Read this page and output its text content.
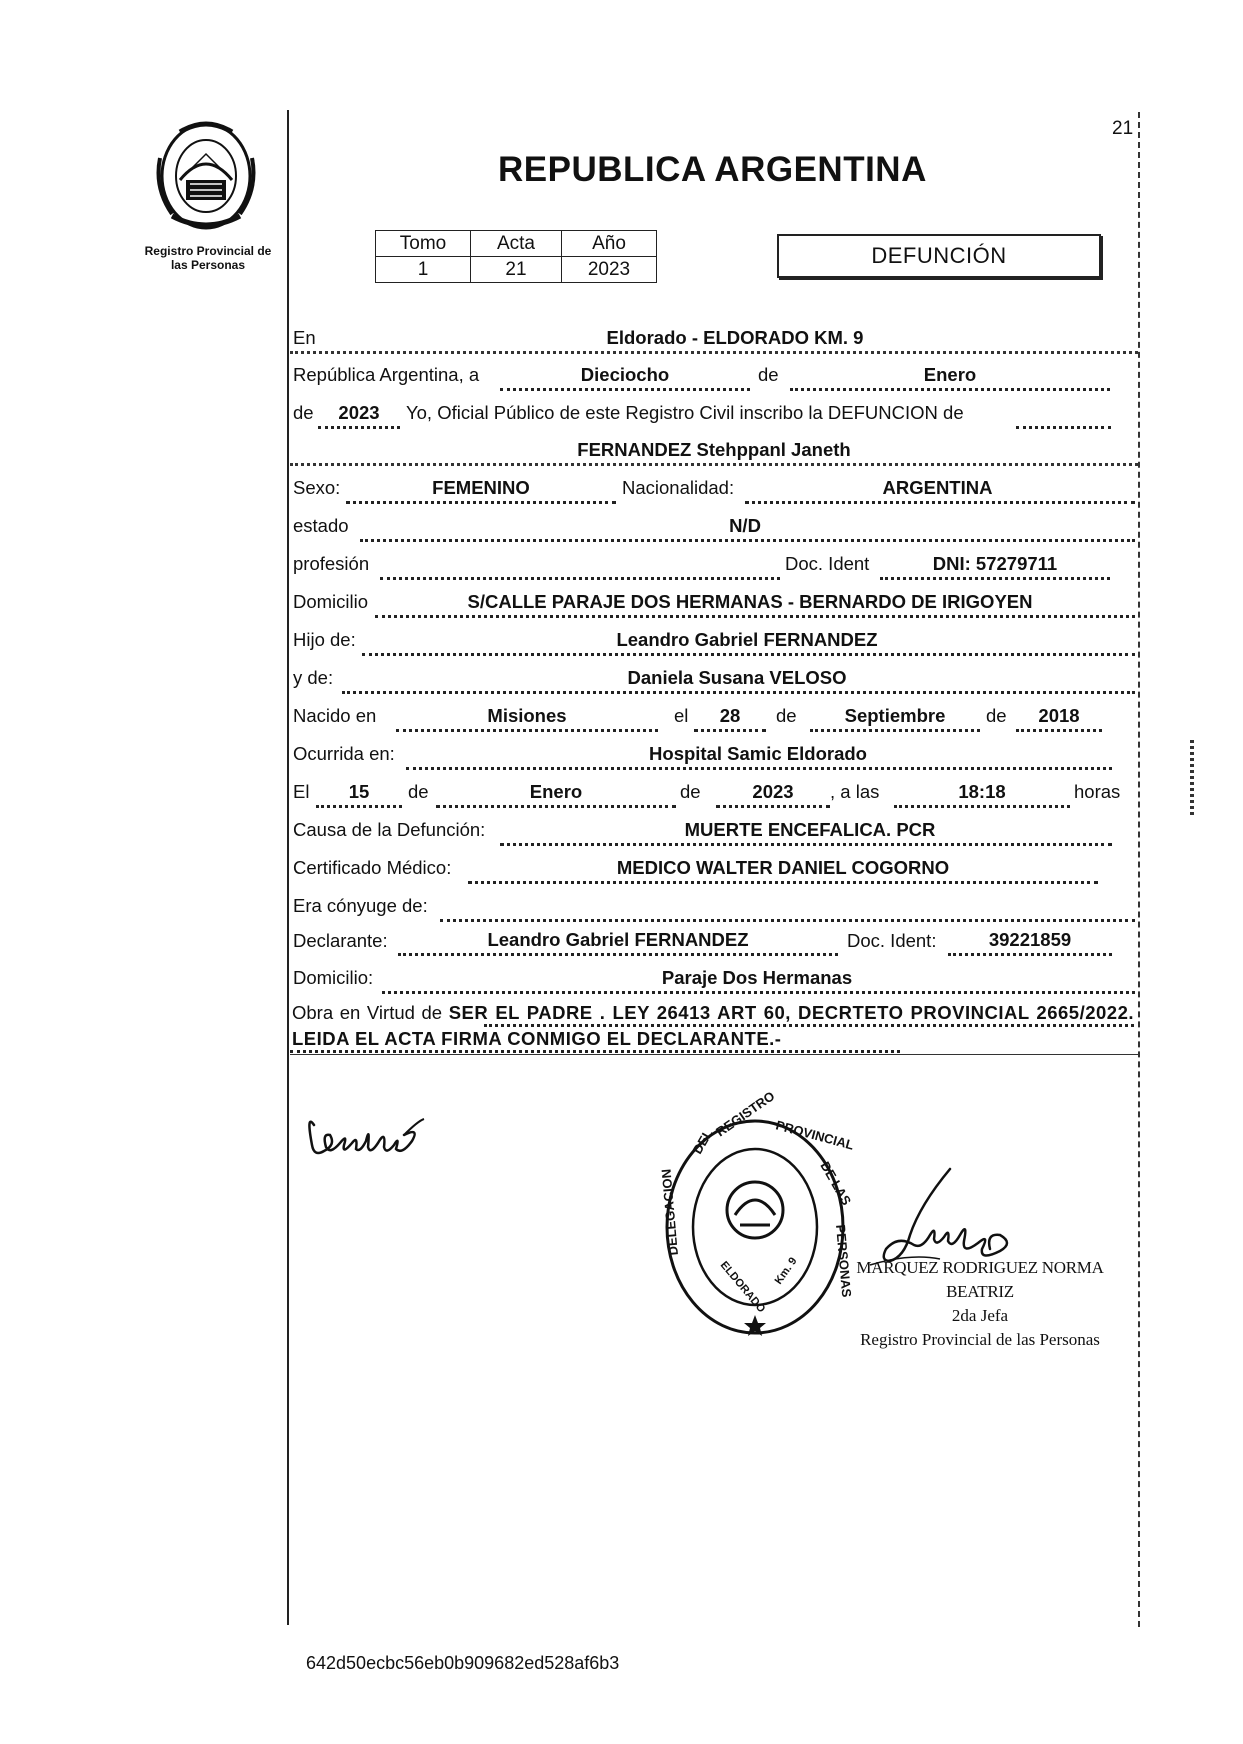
Registro Provincial de
las Personas
REPUBLICA ARGENTINA
21
Tomo	Acta	Año
1	21	2023
DEFUNCIÓN
En	Eldorado - ELDORADO KM. 9
República Argentina, a	Dieciocho	de	Enero
de	2023	Yo, Oficial Público de este Registro Civil inscribo la DEFUNCION de
FERNANDEZ Stehppanl Janeth
Sexo:	FEMENINO	Nacionalidad:	ARGENTINA
estado	N/D
profesión	Doc. Ident	DNI: 57279711
Domicilio	S/CALLE PARAJE DOS HERMANAS - BERNARDO DE IRIGOYEN
Hijo de:	Leandro Gabriel FERNANDEZ
y de:	Daniela Susana VELOSO
Nacido en	Misiones	el	28	de	Septiembre	de	2018
Ocurrida en:	Hospital Samic Eldorado
El	15	de	Enero	de	2023	, a las	18:18	horas
Causa de la Defunción:	MUERTE ENCEFALICA. PCR
Certificado Médico:	MEDICO WALTER DANIEL COGORNO
Era cónyuge de:
Declarante:	Leandro Gabriel FERNANDEZ	Doc. Ident:	39221859
Domicilio:	Paraje Dos Hermanas
Obra en Virtud de SER EL PADRE . LEY 26413 ART 60, DECRTETO PROVINCIAL 2665/2022. LEIDA EL ACTA FIRMA CONMIGO EL DECLARANTE.-
DEL
REGISTRO
PROVINCIAL
DE LAS
PERSONAS
DELEGACION
ELDORADO Km. 9	MARQUEZ RODRIGUEZ NORMA BEATRIZ
2da Jefa
Registro Provincial de las Personas
642d50ecbc56eb0b909682ed528af6b3
